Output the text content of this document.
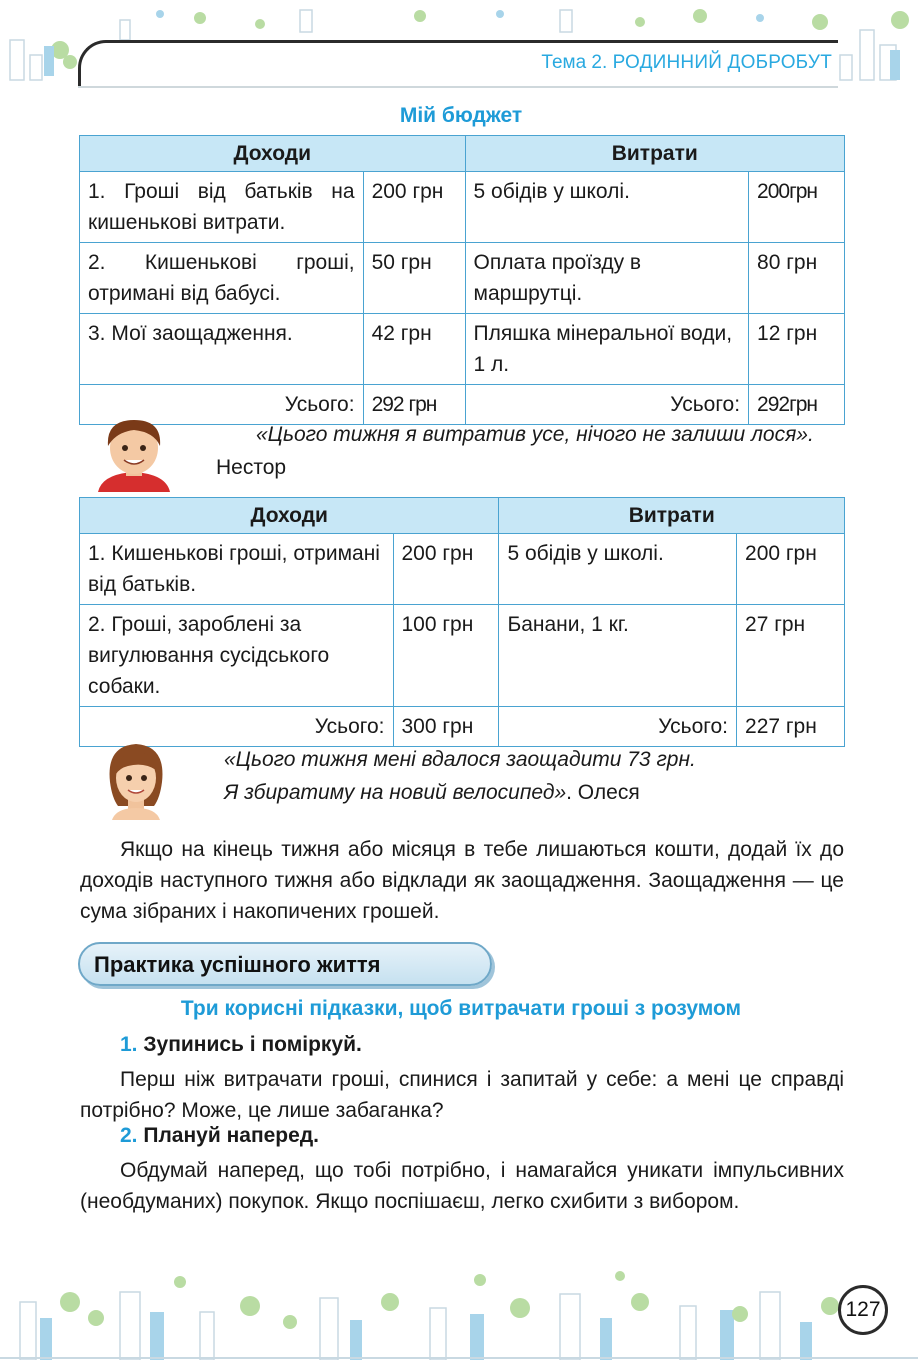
Тема 2. РОДИННИЙ ДОБРОБУТ
Мій бюджет
Доходи		Витрати	
1. Гроші від батьків на кишенькові витрати.	200 грн	5 обідів у школі.	200грн
2. Кишенькові гроші, отримані від бабусі.	50 грн	Оплата проїзду в маршрутці.	80 грн
3. Мої заощадження.	42 грн	Пляшка мінеральної води, 1 л.	12 грн
Усього:	292 грн	Усього:	292грн
«Цього тижня я витратив усе, нічого не залиши лося». Нестор
Доходи		Витрати	
1. Кишенькові гроші, отримані від батьків.	200 грн	5 обідів у школі.	200 грн
2. Гроші, зароблені за вигулювання сусідського собаки.	100 грн	Банани, 1 кг.	27 грн
Усього:	300 грн	Усього:	227 грн
«Цього тижня мені вдалося заощадити 73 грн.
Я збиратиму на новий велосипед». Олеся
Якщо на кінець тижня або місяця в тебе лишаються кошти, додай їх до доходів наступного тижня або відклади як заощадження. Заощадження — це сума зібраних і накопичених грошей.
Практика успішного життя
Три корисні підказки, щоб витрачати гроші з розумом
1. Зупинись і поміркуй.
Перш ніж витрачати гроші, спинися і запитай у себе: а мені це справді потрібно? Може, це лише забаганка?
2. Плануй наперед.
Обдумай наперед, що тобі потрібно, і намагайся уникати імпульсивних (необдуманих) покупок. Якщо поспішаєш, легко схибити з вибором.
127
